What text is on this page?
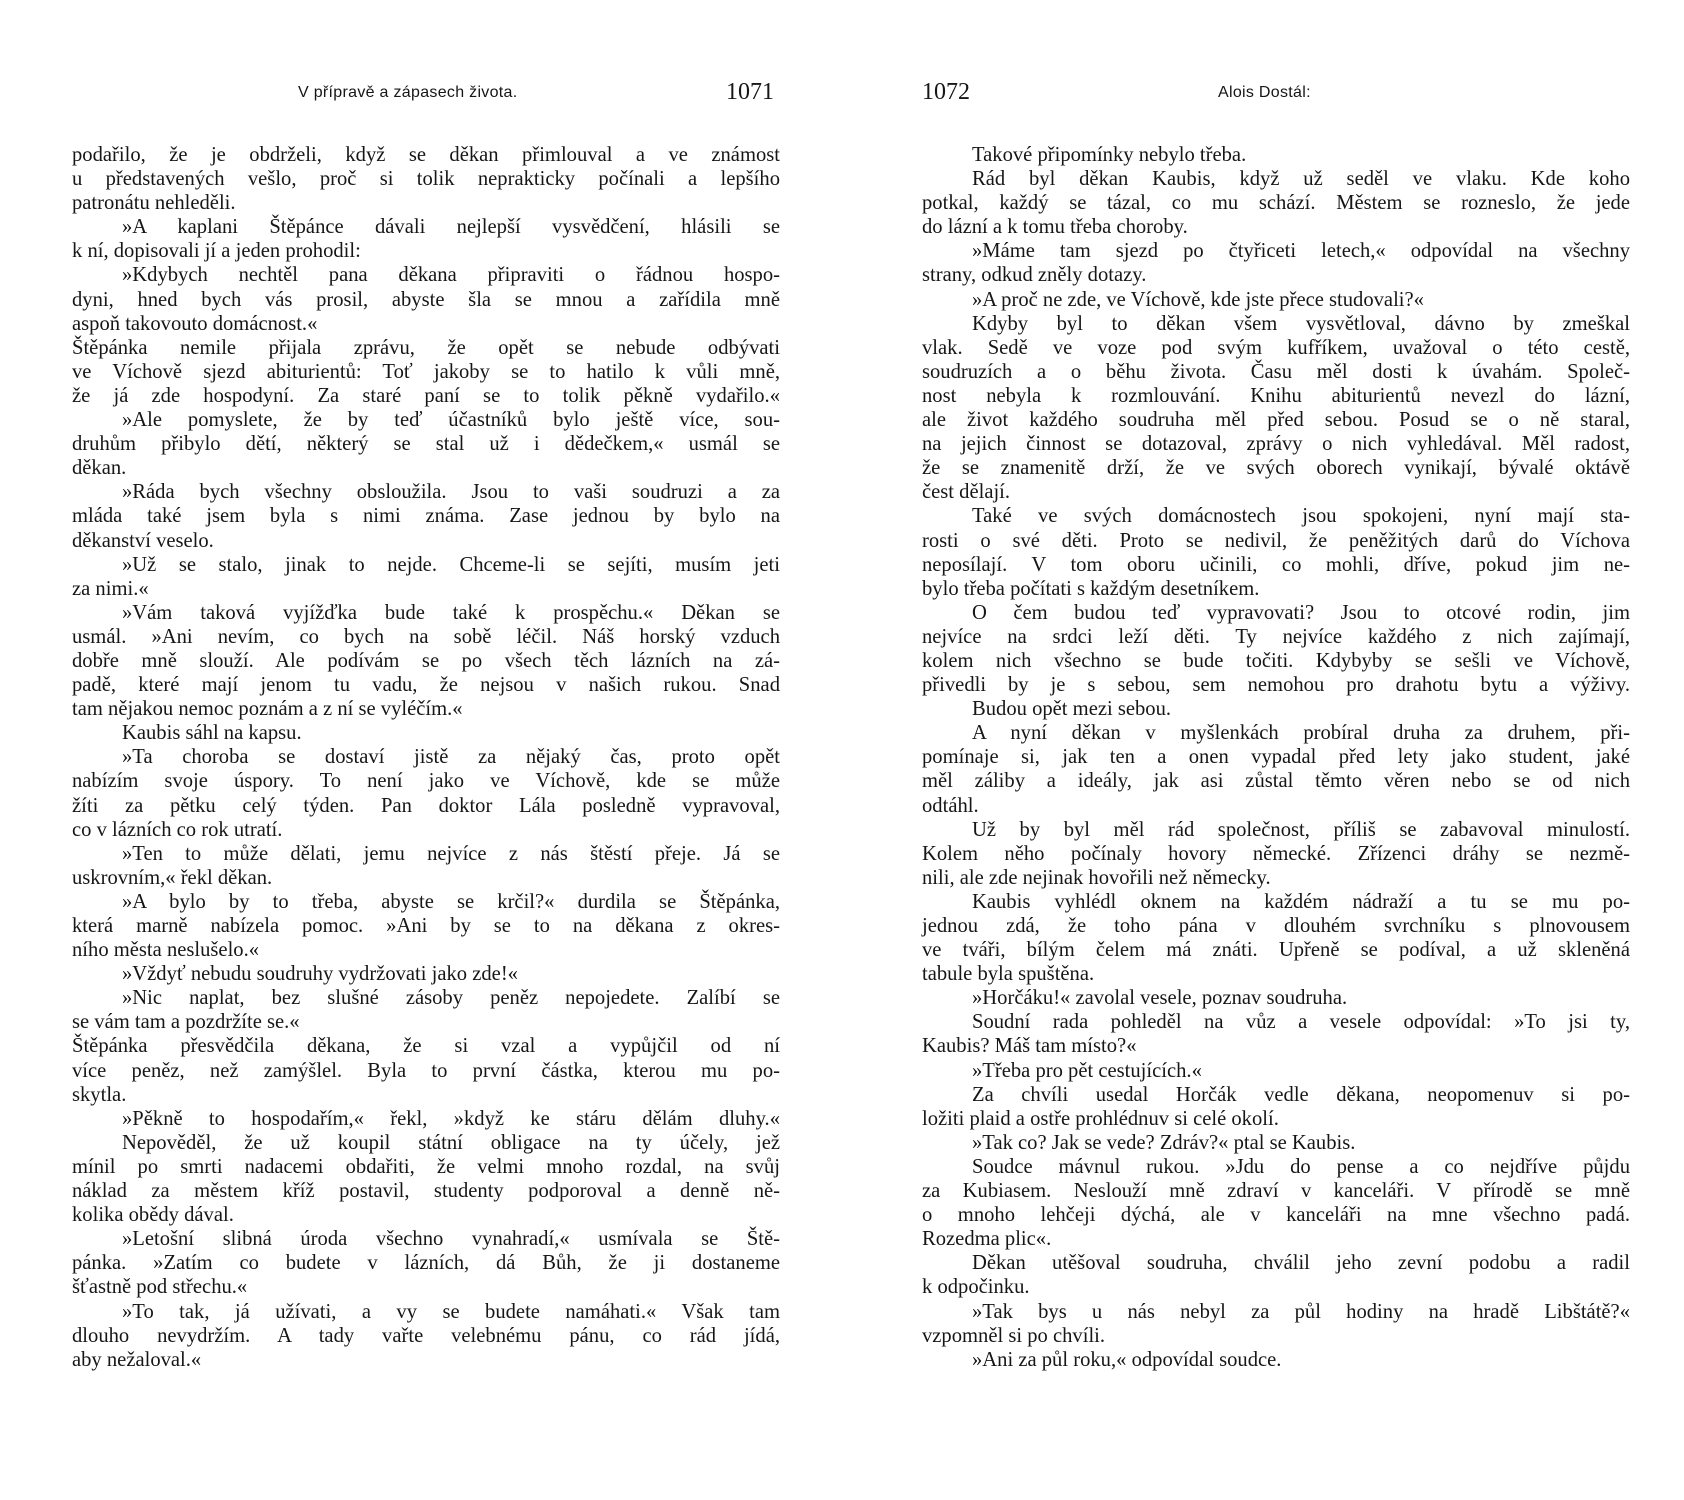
V přípravě a zápasech života.	1071
podařilo, že je obdrželi, když se děkan přimlouval a ve známost
u představených vešlo, proč si tolik neprakticky počínali a lepšího
patronátu nehleděli.
»A kaplani Štěpánce dávali nejlepší vysvědčení, hlásili se
k ní, dopisovali jí a jeden prohodil:
»Kdybych nechtěl pana děkana připraviti o řádnou hospo-
dyni, hned bych vás prosil, abyste šla se mnou a zařídila mně
aspoň takovouto domácnost.«
Štěpánka nemile přijala zprávu, že opět se nebude odbývati
ve Víchově sjezd abiturientů: Toť jakoby se to hatilo k vůli mně,
že já zde hospodyní. Za staré paní se to tolik pěkně vydařilo.«
»Ale pomyslete, že by teď účastníků bylo ještě více, sou-
druhům přibylo dětí, některý se stal už i dědečkem,« usmál se
děkan.
»Ráda bych všechny obsloužila. Jsou to vaši soudruzi a za
mláda také jsem byla s nimi známa. Zase jednou by bylo na
děkanství veselo.
»Už se stalo, jinak to nejde. Chceme-li se sejíti, musím jeti
za nimi.«
»Vám taková vyjížďka bude také k prospěchu.« Děkan se
usmál. »Ani nevím, co bych na sobě léčil. Náš horský vzduch
dobře mně slouží. Ale podívám se po všech těch lázních na zá-
padě, které mají jenom tu vadu, že nejsou v našich rukou. Snad
tam nějakou nemoc poznám a z ní se vyléčím.«
Kaubis sáhl na kapsu.
»Ta choroba se dostaví jistě za nějaký čas, proto opět
nabízím svoje úspory. To není jako ve Víchově, kde se může
žíti za pětku celý týden. Pan doktor Lála posledně vypravoval,
co v lázních co rok utratí.
»Ten to může dělati, jemu nejvíce z nás štěstí přeje. Já se
uskrovním,« řekl děkan.
»A bylo by to třeba, abyste se krčil?« durdila se Štěpánka,
která marně nabízela pomoc. »Ani by se to na děkana z okres-
ního města neslušelo.«
»Vždyť nebudu soudruhy vydržovati jako zde!«
»Nic naplat, bez slušné zásoby peněz nepojedete. Zalíbí se
se vám tam a pozdržíte se.«
Štěpánka přesvědčila děkana, že si vzal a vypůjčil od ní
více peněz, než zamýšlel. Byla to první částka, kterou mu po-
skytla.
»Pěkně to hospodařím,« řekl, »když ke stáru dělám dluhy.«
Nepověděl, že už koupil státní obligace na ty účely, jež
mínil po smrti nadacemi obdařiti, že velmi mnoho rozdal, na svůj
náklad za městem kříž postavil, studenty podporoval a denně ně-
kolika obědy dával.
»Letošní slibná úroda všechno vynahradí,« usmívala se Ště-
pánka. »Zatím co budete v lázních, dá Bůh, že ji dostaneme
šťastně pod střechu.«
»To tak, já užívati, a vy se budete namáhati.« Však tam
dlouho nevydržím. A tady vařte velebnému pánu, co rád jídá,
aby nežaloval.«
1072	Alois Dostál:
Takové připomínky nebylo třeba.
Rád byl děkan Kaubis, když už seděl ve vlaku. Kde koho
potkal, každý se tázal, co mu schází. Městem se rozneslo, že jede
do lázní a k tomu třeba choroby.
»Máme tam sjezd po čtyřiceti letech,« odpovídal na všechny
strany, odkud zněly dotazy.
»A proč ne zde, ve Víchově, kde jste přece studovali?«
Kdyby byl to děkan všem vysvětloval, dávno by zmeškal
vlak. Sedě ve voze pod svým kufříkem, uvažoval o této cestě,
soudruzích a o běhu života. Času měl dosti k úvahám. Společ-
nost nebyla k rozmlouvání. Knihu abiturientů nevezl do lázní,
ale život každého soudruha měl před sebou. Posud se o ně staral,
na jejich činnost se dotazoval, zprávy o nich vyhledával. Měl radost,
že se znamenitě drží, že ve svých oborech vynikají, bývalé oktávě
čest dělají.
Také ve svých domácnostech jsou spokojeni, nyní mají sta-
rosti o své děti. Proto se nedivil, že peněžitých darů do Víchova
neposílají. V tom oboru učinili, co mohli, dříve, pokud jim ne-
bylo třeba počítati s každým desetníkem.
O čem budou teď vypravovati? Jsou to otcové rodin, jim
nejvíce na srdci leží děti. Ty nejvíce každého z nich zajímají,
kolem nich všechno se bude točiti. Kdybyby se sešli ve Víchově,
přivedli by je s sebou, sem nemohou pro drahotu bytu a výživy.
Budou opět mezi sebou.
A nyní děkan v myšlenkách probíral druha za druhem, při-
pomínaje si, jak ten a onen vypadal před lety jako student, jaké
měl záliby a ideály, jak asi zůstal těmto věren nebo se od nich
odtáhl.
Už by byl měl rád společnost, příliš se zabavoval minulostí.
Kolem něho počínaly hovory německé. Zřízenci dráhy se nezmě-
nili, ale zde nejinak hovořili než německy.
Kaubis vyhlédl oknem na každém nádraží a tu se mu po-
jednou zdá, že toho pána v dlouhém svrchníku s plnovousem
ve tváři, bílým čelem má znáti. Upřeně se podíval, a už skleněná
tabule byla spuštěna.
»Horčáku!« zavolal vesele, poznav soudruha.
Soudní rada pohleděl na vůz a vesele odpovídal: »To jsi ty,
Kaubis? Máš tam místo?«
»Třeba pro pět cestujících.«
Za chvíli usedal Horčák vedle děkana, neopomenuv si po-
ložiti plaid a ostře prohlédnuv si celé okolí.
»Tak co? Jak se vede? Zdráv?« ptal se Kaubis.
Soudce mávnul rukou. »Jdu do pense a co nejdříve půjdu
za Kubiasem. Neslouží mně zdraví v kanceláři. V přírodě se mně
o mnoho lehčeji dýchá, ale v kanceláři na mne všechno padá.
Rozedma plic«.
Děkan utěšoval soudruha, chválil jeho zevní podobu a radil
k odpočinku.
»Tak bys u nás nebyl za půl hodiny na hradě Libštátě?«
vzpomněl si po chvíli.
»Ani za půl roku,« odpovídal soudce.
